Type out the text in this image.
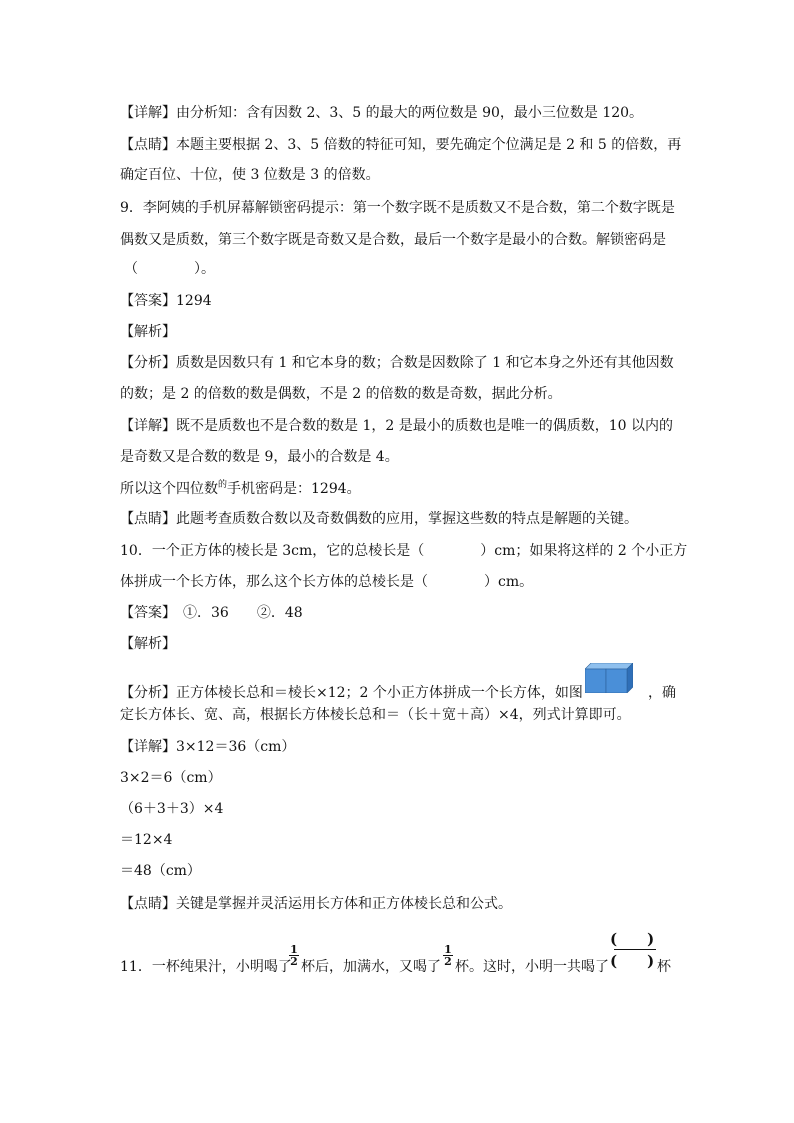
【详解】由分析知：含有因数 2、3、5 的最大的两位数是 90，最小三位数是 120。
【点睛】本题主要根据 2、3、5 倍数的特征可知，要先确定个位满足是 2 和 5 的倍数，再
确定百位、十位，使 3 位数是 3 的倍数。
9．李阿姨的手机屏幕解锁密码提示：第一个数字既不是质数又不是合数，第二个数字既是
偶数又是质数，第三个数字既是奇数又是合数，最后一个数字是最小的合数。解锁密码是
（　　　　）。
【答案】1294
【解析】
【分析】质数是因数只有 1 和它本身的数；合数是因数除了 1 和它本身之外还有其他因数
的数；是 2 的倍数的数是偶数，不是 2 的倍数的数是奇数，据此分析。
【详解】既不是质数也不是合数的数是 1，2 是最小的质数也是唯一的偶质数，10 以内的
是奇数又是合数的数是 9，最小的合数是 4。
所以这个四位数$^的$手机密码是：1294。
【点睛】此题考查质数合数以及奇数偶数的应用，掌握这些数的特点是解题的关键。
10．一个正方体的棱长是 3cm，它的总棱长是（　　　　）cm；如果将这样的 2 个小正方
体拼成一个长方体，那么这个长方体的总棱长是（　　　　）cm。
【答案】　①．36　　②．48
【解析】
【分析】正方体棱长总和＝棱长×12；2 个小正方体拼成一个长方体，如图	，确
定长方体长、宽、高，根据长方体棱长总和＝（长＋宽＋高）×4，列式计算即可。
【详解】3×12＝36（cm）
3×2＝6（cm）
（6＋3＋3）×4
＝12×4
＝48（cm）
【点睛】关键是掌握并灵活运用长方体和正方体棱长总和公式。
11．一杯纯果汁，小明喝了
$\frac{1}{2}$ 杯后，加满水，又喝了 $\frac{1}{2}$ 杯。这时，小明一共喝了
(　　)
(　　) 杯
